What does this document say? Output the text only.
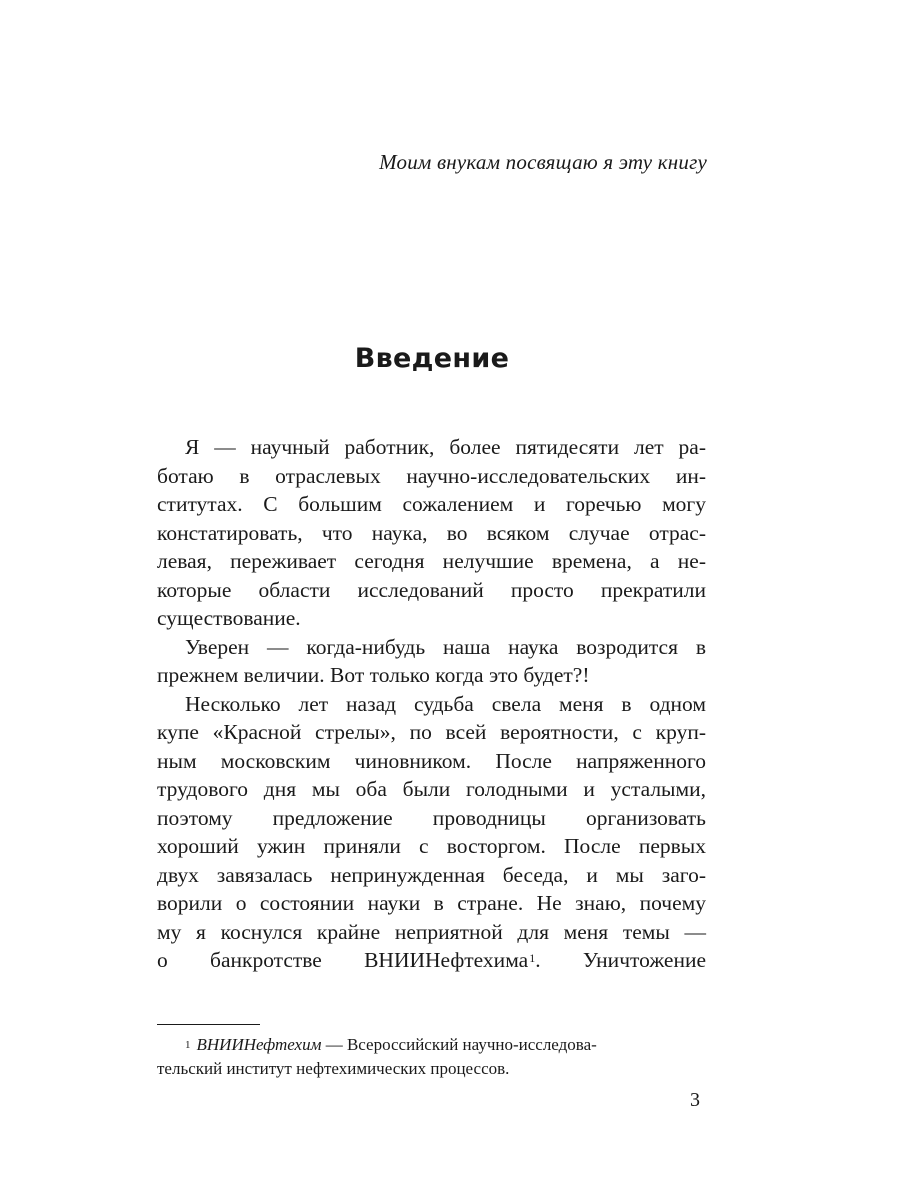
Моим внукам посвящаю я эту книгу
Введение
Я — научный работник, более пятидесяти лет ра-
ботаю в отраслевых научно-исследовательских ин-
ститутах. С большим сожалением и горечью могу
констатировать, что наука, во всяком случае отрас-
левая, переживает сегодня нелучшие времена, а не-
которые области исследований просто прекратили
существование.
Уверен — когда-нибудь наша наука возродится в
прежнем величии. Вот только когда это будет?!
Несколько лет назад судьба свела меня в одном
купе «Красной стрелы», по всей вероятности, с круп-
ным московским чиновником. После напряженного
трудового дня мы оба были голодными и усталыми,
поэтому предложение проводницы организовать
хороший ужин приняли с восторгом. После первых
двух завязалась непринужденная беседа, и мы заго-
ворили о состоянии науки в стране. Не знаю, почему
му я коснулся крайне неприятной для меня темы —
о банкротстве ВНИИНефтехима$^1$. Уничтожение
$^1$ ВНИИНефтехим — Всероссийский научно-исследова-
тельский институт нефтехимических процессов.
3
